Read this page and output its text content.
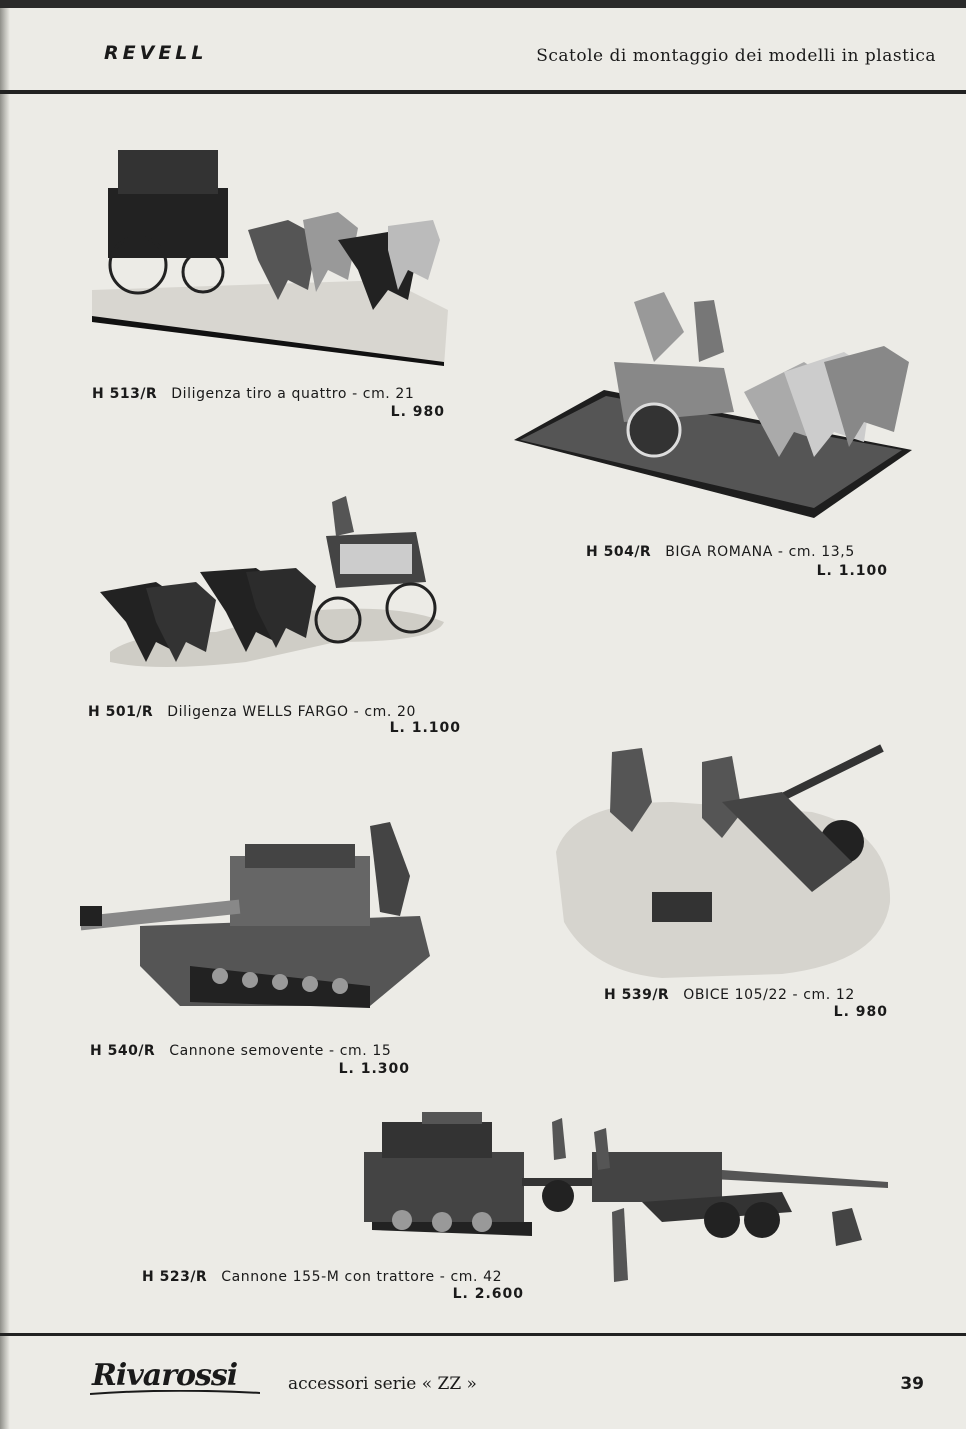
REVELL	Scatole di montaggio dei modelli in plastica
H 513/R Diligenza tiro a quattro - cm. 21
L. 980
H 504/R BIGA ROMANA - cm. 13,5
L. 1.100
H 501/R Diligenza WELLS FARGO - cm. 20
L. 1.100
H 539/R OBICE 105/22 - cm. 12
L. 980
H 540/R Cannone semovente - cm. 15
L. 1.300
H 523/R Cannone 155-M con trattore - cm. 42
L. 2.600
Rivarossi	accessori serie « ZZ »	39
